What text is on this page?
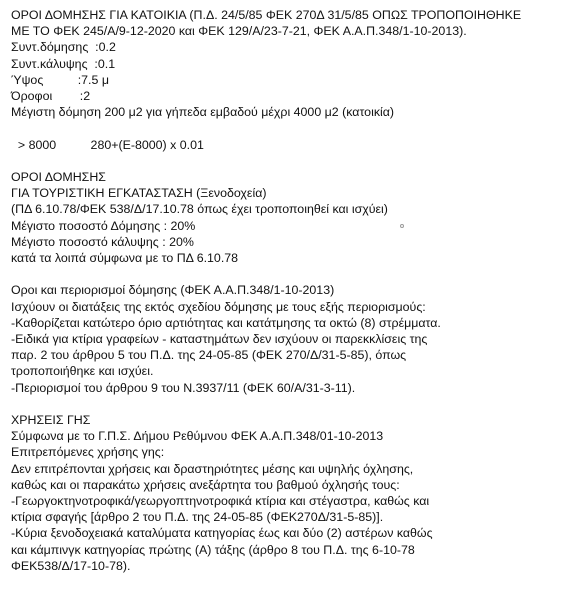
ΟΡΟΙ ΔΟΜΗΣΗΣ ΓΙΑ ΚΑΤΟΙΚΙΑ (Π.Δ. 24/5/85 ΦΕΚ 270Δ 31/5/85 ΟΠΩΣ ΤΡΟΠΟΠΟΙΗΘΗΚΕ
ΜΕ ΤΟ ΦΕΚ 245/Α/9-12-2020 και ΦΕΚ 129/Α/23-7-21, ΦΕΚ Α.Α.Π.348/1-10-2013).
Συντ.δόμησης  :0.2
Συντ.κάλυψης  :0.1
Ύψος          :7.5 μ
Όροφοι        :2
Μέγιστη δόμηση 200 μ2 για γήπεδα εμβαδού μέχρι 4000 μ2 (κατοικία)
> 8000          280+(Ε-8000) x 0.01
ΟΡΟΙ ΔΟΜΗΣΗΣ
ΓΙΑ ΤΟΥΡΙΣΤΙΚΗ ΕΓΚΑΤΑΣΤΑΣΗ (Ξενοδοχεία)
(ΠΔ 6.10.78/ΦΕΚ 538/Δ/17.10.78 όπως έχει τροποποιηθεί και ισχύει)
Μέγιστο ποσοστό Δόμησης : 20%
Μέγιστο ποσοστό κάλυψης : 20%
κατά τα λοιπά σύμφωνα με το ΠΔ 6.10.78
Οροι και περιορισμοί δόμησης (ΦΕΚ Α.Α.Π.348/1-10-2013)
Ισχύουν οι διατάξεις της εκτός σχεδίου δόμησης με τους εξής περιορισμούς:
-Καθορίζεται κατώτερο όριο αρτιότητας και κατάτμησης τα οκτώ (8) στρέμματα.
-Ειδικά για κτίρια γραφείων - καταστημάτων δεν ισχύουν οι παρεκκλίσεις της
παρ. 2 του άρθρου 5 του Π.Δ. της 24-05-85 (ΦΕΚ 270/Δ/31-5-85), όπως
τροποποιήθηκε και ισχύει.
-Περιορισμοί του άρθρου 9 του Ν.3937/11 (ΦΕΚ 60/Α/31-3-11).
ΧΡΗΣΕΙΣ ΓΗΣ
Σύμφωνα με το Γ.Π.Σ. Δήμου Ρεθύμνου ΦΕΚ Α.Α.Π.348/01-10-2013
Επιτρεπόμενες χρήσης γης:
Δεν επιτρέπονται χρήσεις και δραστηριότητες μέσης και υψηλής όχλησης,
καθώς και οι παρακάτω χρήσεις ανεξάρτητα του βαθμού όχλησής τους:
-Γεωργοκτηνοτροφικά/γεωργοπτηνοτροφικά κτίρια και στέγαστρα, καθώς και
κτίρια σφαγής [άρθρο 2 του Π.Δ. της 24-05-85 (ΦΕΚ270Δ/31-5-85)].
-Κύρια ξενοδοχειακά καταλύματα κατηγορίας έως και δύο (2) αστέρων καθώς
και κάμπινγκ κατηγορίας πρώτης (Α) τάξης (άρθρο 8 του Π.Δ. της 6-10-78
ΦΕΚ538/Δ/17-10-78).
